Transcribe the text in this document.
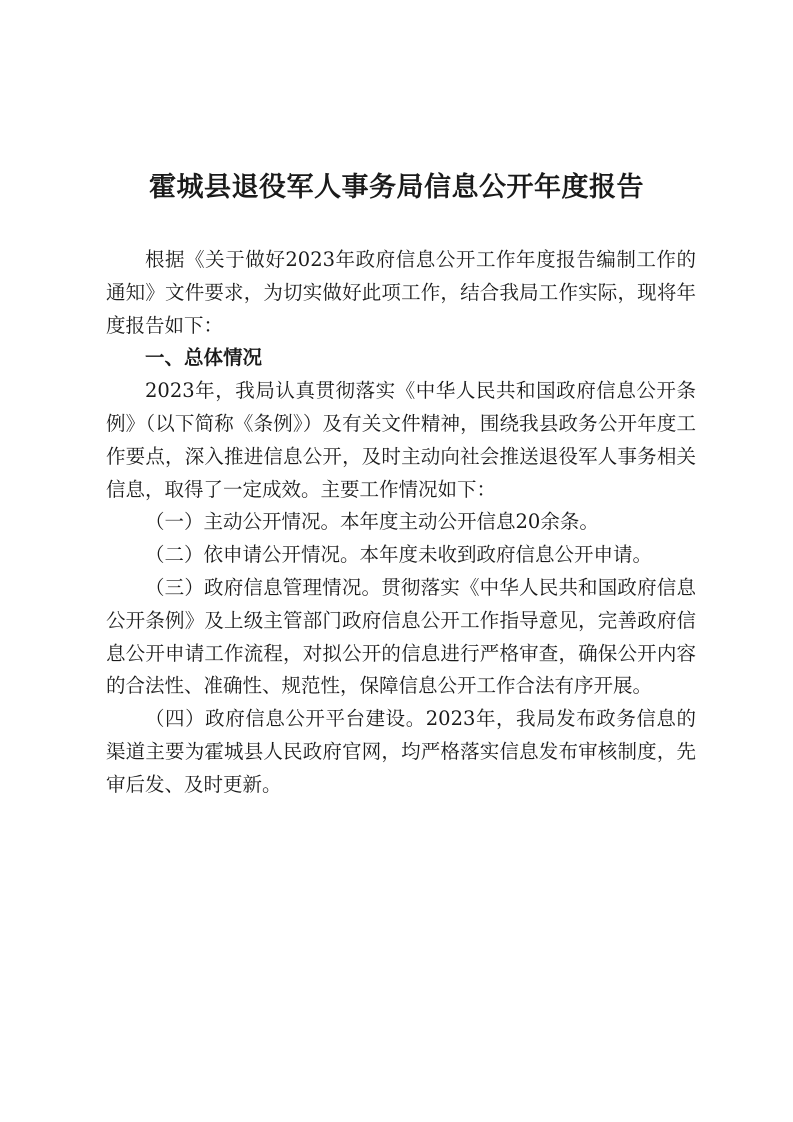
霍城县退役军人事务局信息公开年度报告

根据《关于做好2023年政府信息公开工作年度报告编制工作的通知》文件要求，为切实做好此项工作，结合我局工作实际，现将年度报告如下：

一、总体情况

2023年，我局认真贯彻落实《中华人民共和国政府信息公开条例》（以下简称《条例》）及有关文件精神，围绕我县政务公开年度工作要点，深入推进信息公开，及时主动向社会推送退役军人事务相关信息，取得了一定成效。主要工作情况如下：

（一）主动公开情况。本年度主动公开信息20余条。

（二）依申请公开情况。本年度未收到政府信息公开申请。

（三）政府信息管理情况。贯彻落实《中华人民共和国政府信息公开条例》及上级主管部门政府信息公开工作指导意见，完善政府信息公开申请工作流程，对拟公开的信息进行严格审查，确保公开内容的合法性、准确性、规范性，保障信息公开工作合法有序开展。

（四）政府信息公开平台建设。2023年，我局发布政务信息的渠道主要为霍城县人民政府官网，均严格落实信息发布审核制度，先审后发、及时更新。
